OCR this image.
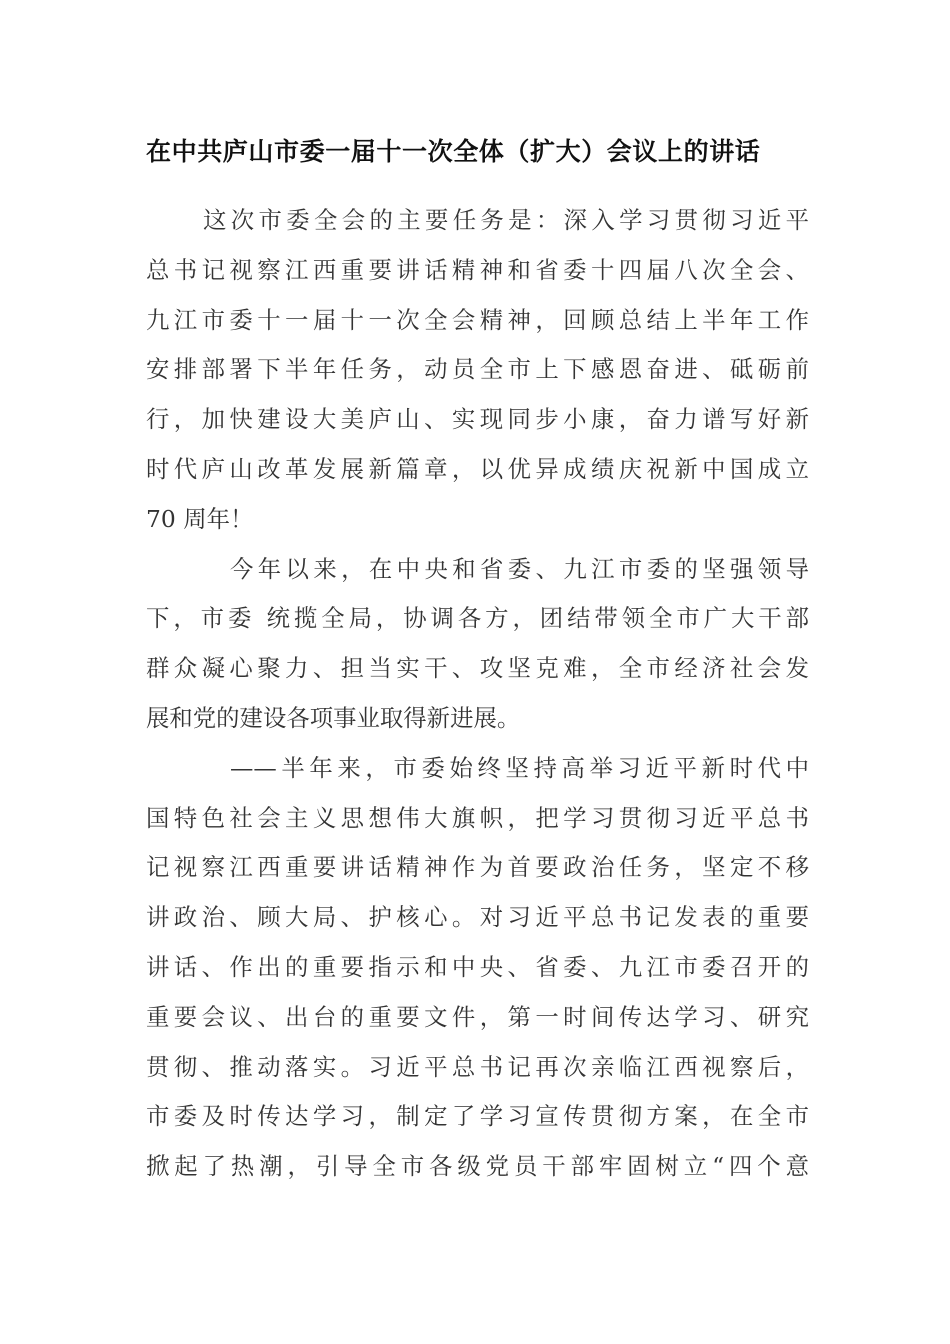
在中共庐山市委一届十一次全体（扩大）会议上的讲话
这次市委全会的主要任务是：深入学习贯彻习近平
总书记视察江西重要讲话精神和省委十四届八次全会、
九江市委十一届十一次全会精神，回顾总结上半年工作
安排部署下半年任务，动员全市上下感恩奋进、砥砺前
行，加快建设大美庐山、实现同步小康，奋力谱写好新
时代庐山改革发展新篇章，以优异成绩庆祝新中国成立
70 周年！
今年以来，在中央和省委、九江市委的坚强领导
下，市委 统揽全局，协调各方，团结带领全市广大干部
群众凝心聚力、担当实干、攻坚克难，全市经济社会发
展和党的建设各项事业取得新进展。
——半年来，市委始终坚持高举习近平新时代中
国特色社会主义思想伟大旗帜，把学习贯彻习近平总书
记视察江西重要讲话精神作为首要政治任务，坚定不移
讲政治、顾大局、护核心。对习近平总书记发表的重要
讲话、作出的重要指示和中央、省委、九江市委召开的
重要会议、出台的重要文件，第一时间传达学习、研究
贯彻、推动落实。习近平总书记再次亲临江西视察后，
市委及时传达学习，制定了学习宣传贯彻方案，在全市
掀起了热潮，引导全市各级党员干部牢固树立“四个意
